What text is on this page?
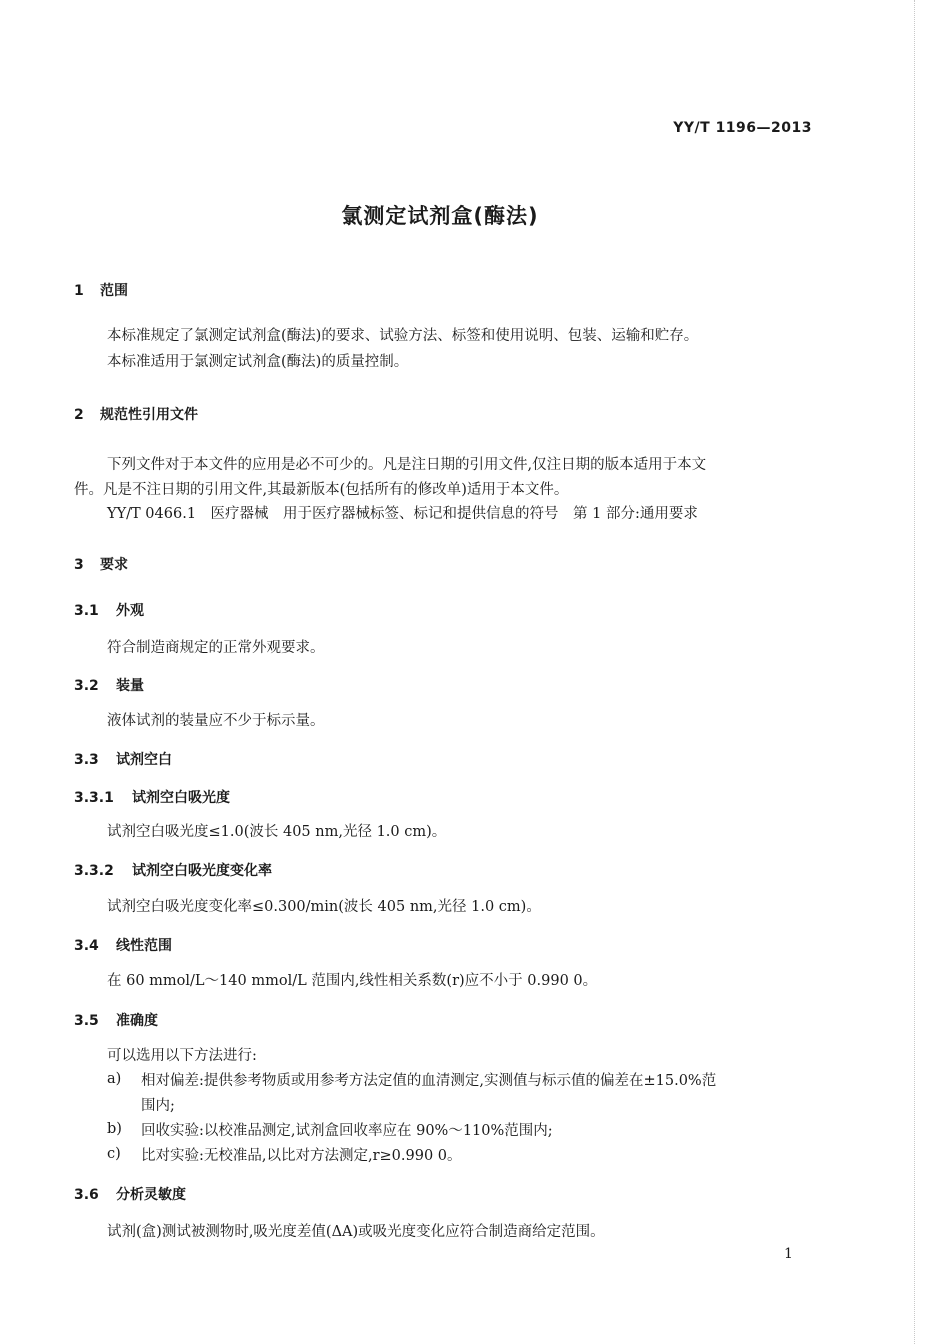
YY/T 1196—2013
氯测定试剂盒(酶法)
1 范围
本标准规定了氯测定试剂盒(酶法)的要求、试验方法、标签和使用说明、包装、运输和贮存。
本标准适用于氯测定试剂盒(酶法)的质量控制。
2 规范性引用文件
下列文件对于本文件的应用是必不可少的。凡是注日期的引用文件,仅注日期的版本适用于本文
件。凡是不注日期的引用文件,其最新版本(包括所有的修改单)适用于本文件。
YY/T 0466.1　医疗器械　用于医疗器械标签、标记和提供信息的符号　第 1 部分:通用要求
3 要求
3.1 外观
符合制造商规定的正常外观要求。
3.2 装量
液体试剂的装量应不少于标示量。
3.3 试剂空白
3.3.1 试剂空白吸光度
试剂空白吸光度≤1.0(波长 405 nm,光径 1.0 cm)。
3.3.2 试剂空白吸光度变化率
试剂空白吸光度变化率≤0.300/min(波长 405 nm,光径 1.0 cm)。
3.4 线性范围
在 60 mmol/L～140 mmol/L 范围内,线性相关系数(r)应不小于 0.990 0。
3.5 准确度
可以选用以下方法进行:
a) 相对偏差:提供参考物质或用参考方法定值的血清测定,实测值与标示值的偏差在±15.0%范
围内;
b) 回收实验:以校准品测定,试剂盒回收率应在 90%～110%范围内;
c) 比对实验:无校准品,以比对方法测定,r≥0.990 0。
3.6 分析灵敏度
试剂(盒)测试被测物时,吸光度差值(ΔA)或吸光度变化应符合制造商给定范围。
1
